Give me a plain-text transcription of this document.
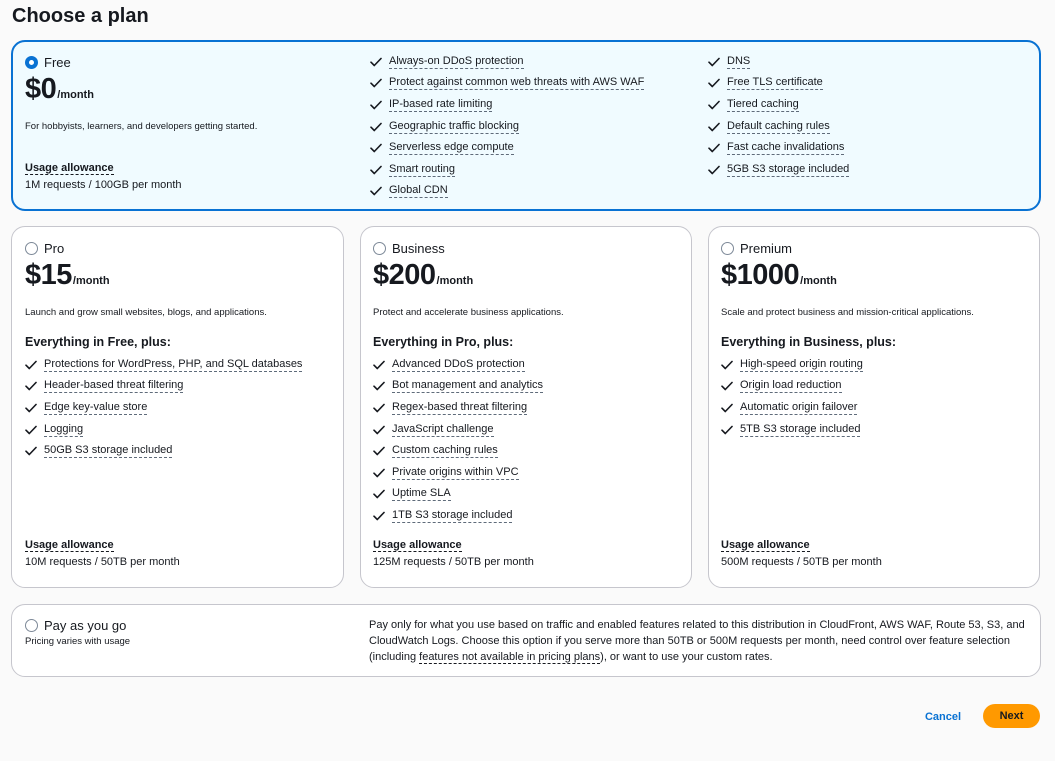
Choose a plan
Free
$0 /month
For hobbyists, learners, and developers getting started.
Usage allowance
1M requests / 100GB per month
Always-on DDoS protection
Protect against common web threats with AWS WAF
IP-based rate limiting
Geographic traffic blocking
Serverless edge compute
Smart routing
Global CDN
DNS
Free TLS certificate
Tiered caching
Default caching rules
Fast cache invalidations
5GB S3 storage included
Pro
$15 /month
Launch and grow small websites, blogs, and applications.
Everything in Free, plus:
Protections for WordPress, PHP, and SQL databases
Header-based threat filtering
Edge key-value store
Logging
50GB S3 storage included
Usage allowance
10M requests / 50TB per month
Business
$200 /month
Protect and accelerate business applications.
Everything in Pro, plus:
Advanced DDoS protection
Bot management and analytics
Regex-based threat filtering
JavaScript challenge
Custom caching rules
Private origins within VPC
Uptime SLA
1TB S3 storage included
Usage allowance
125M requests / 50TB per month
Premium
$1000 /month
Scale and protect business and mission-critical applications.
Everything in Business, plus:
High-speed origin routing
Origin load reduction
Automatic origin failover
5TB S3 storage included
Usage allowance
500M requests / 50TB per month
Pay as you go
Pricing varies with usage
Pay only for what you use based on traffic and enabled features related to this distribution in CloudFront, AWS WAF, Route 53, S3, and CloudWatch Logs. Choose this option if you serve more than 50TB or 500M requests per month, need control over feature selection (including features not available in pricing plans), or want to use your custom rates.
Cancel	Next
